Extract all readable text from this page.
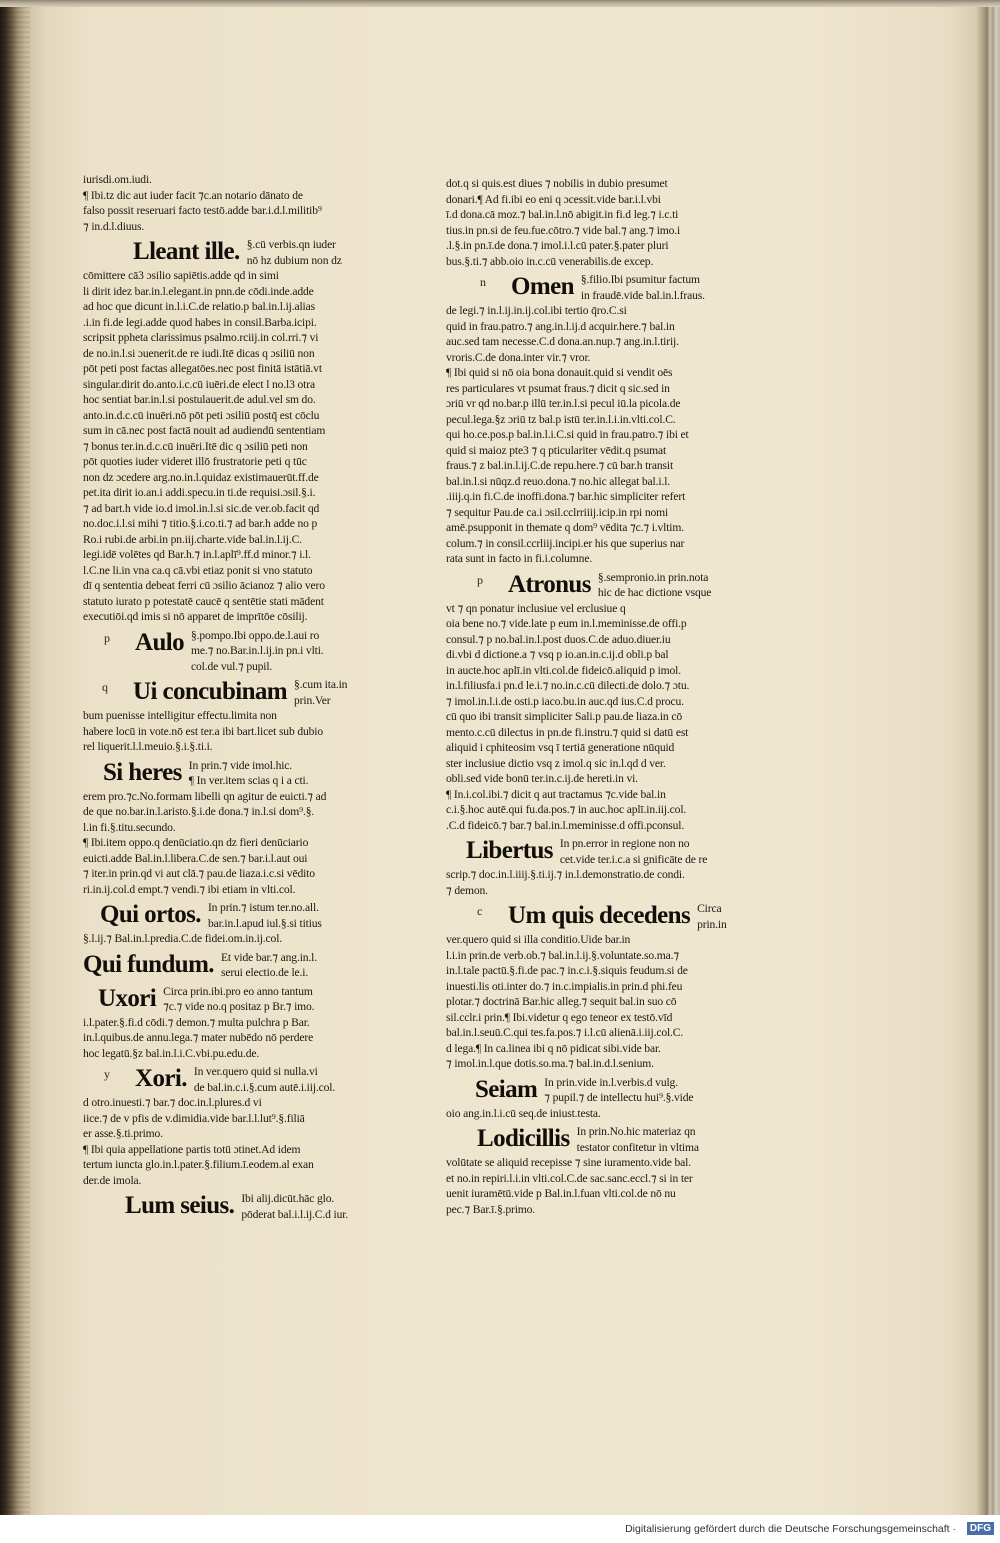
iurisdi.om.iudi.
¶ Ibi.tz dic aut iuder facit ⁊c.an notario dānato de
falso possit reseruari facto testō.adde bar.i.d.l.militib⁹
⁊ in.d.l.diuus.
Lleant ille. §.cū verbis.qn iuder
nō hz dubium non dz
cōmittere cā3 ɔsilio sapiētis.adde qd in simi
li dirit idez bar.in.l.elegant.in pnn.de cōdi.inde.adde
ad hoc que dicunt in.l.i.C.de relatio.p bal.in.l.ij.alias
.i.in fi.de legi.adde quod habes in consil.Barba.icipi.
scripsit pphetа clarissimus psalmo.rciij.in col.rri.⁊ vi
de no.in.l.si ɔuenerit.de re iudi.Itē dicas q ɔsiliū non
pōt peti post factas allegatōes.nec post finitā istātiā.vt
singular.dirit do.anto.i.c.cū iuēri.de elect l no.l3 otra
hoc sentiat bar.in.l.si postulauerit.de adul.vel sm do.
anto.in.d.c.cū inuēri.nō pōt peti ɔsiliū postq̄ est cōclu
sum in cā.nec post factā nouit ad audiendū sententiam
⁊ bonus ter.in.d.c.cū inuēri.Itē dic q ɔsiliū peti non
pōt quoties iuder videret illō frustratorie peti q tūc
non dz ɔcedere arg.no.in.l.quidaz existimauerūt.ff.de
pet.ita dirit io.an.i addi.specu.in ti.de requisi.ɔsil.§.i.
⁊ ad bart.h vide io.d imol.in.l.si sic.de ver.ob.facit qd
no.doc.i.l.si mihi ⁊ titio.§.i.co.ti.⁊ ad bar.h adde no p
Ro.i rubi.de arbi.in pn.iij.charte.vide bal.in.l.ij.C.
legi.idē volētes qd Bar.h.⁊ in.l.aplī⁹.ff.d minor.⁊ i.l.
l.C.ne li.in vna ca.q cā.vbi etiaz ponit si vno statuto
dī q sententia debeat ferri cū ɔsilio ācianoz ⁊ alio vero
statuto iurato p potestatē caucē q sentētie stati mādent
executiōi.qd imis si nō apparet de imprītōe cōsilij.
p Aulo §.pompo.Ibi oppo.de.l.aui ro
me.⁊ no.Bar.in.l.ij.in pn.i vlti.
col.de vul.⁊ pupil.
q Ui concubinam §.cum ita.in
prin.Ver
bum puenisse intelligitur effectu.limita non
habere locū in vote.nō est ter.a ibi bart.licet sub dubio
rel liquerit.l.l.meuio.§.i.§.ti.i.
Si heres In prin.⁊ vide imol.hic.
¶ In ver.item scias q i a cti.
erem pro.⁊c.No.formam libelli qn agitur de euicti.⁊ ad
de que no.bar.in.l.aristo.§.i.de dona.⁊ in.l.si dom⁹.§.
l.in fi.§.titu.secundo.
¶ Ibi.item oppo.q denūciatio.qn dz fieri denūciario
euicti.adde Bal.in.l.libera.C.de sen.⁊ bar.i.l.aut oui
⁊ iter.in prin.qd vi aut clā.⁊ pau.de liaza.i.c.si vēdito
ri.in.ij.col.d empt.⁊ vendi.⁊ ibi etiam in vlti.col.
Qui ortos. In prin.⁊ istum ter.no.all.
bar.in.l.apud iul.§.si titius
§.l.ij.⁊ Bal.in.l.predia.C.de fidei.om.in.ij.col.
Qui fundum. Et vide bar.⁊ ang.in.l.
serui electio.de le.i.
Uxori Circa prin.ibi.pro eo anno tantum
⁊c.⁊ vide no.q positaz p Br.⁊ imo.
i.l.pater.§.fi.d cōdi.⁊ demon.⁊ multa pulchra p Bar.
in.l.quibus.de annu.lega.⁊ mater nubēdo nō perdere
hoc legatū.§z bal.in.l.i.C.vbi.pu.edu.de.
y Xori. In ver.quero quid si nulla.vi
de bal.in.c.i.§.cum autē.i.iij.col.
d otro.inuesti.⁊ bar.⁊ doc.in.l.plures.d vi
iice.⁊ de v pfis de v.dimidia.vide bar.l.l.lut⁹.§.filiā
er asse.§.ti.primo.
¶ Ibi quia appellatione partis totū ɔtinet.Ad idem
tertum iuncta glo.in.l.pater.§.filium.ī.eodem.al exan
der.de imola.
Lum seius. Ibi alij.dicūt.hāc glo.
pōderat bal.i.l.ij.C.d iur.
dot.q si quis.est diues ⁊ nobilis in dubio presumet
donari.¶ Ad fi.ibi eo eni q ɔcessit.vide bar.i.l.vbi
ī.d dona.cā moz.⁊ bal.in.l.nō abigit.in fi.d leg.⁊ i.c.ti
tius.in pn.si de feu.fue.cōtro.⁊ vide bal.⁊ ang.⁊ imo.i
.l.§.in pn.ī.de dona.⁊ imol.i.l.cū pater.§.pater pluri
bus.§.ti.⁊ abb.oio in.c.cū venerabilis.de excep.
n Omen §.filio.Ibi psumitur factum
in fraudē.vide bal.in.l.fraus.
de legi.⁊ in.l.ij.in.ij.col.ibi tertio q̄ro.C.si
quid in frau.patro.⁊ ang.in.l.ij.d acquir.here.⁊ bal.in
auc.sed tam necesse.C.d dona.an.nup.⁊ ang.in.l.tirij.
vroris.C.de dona.inter vir.⁊ vror.
¶ Ibi quid si nō oia bona donauit.quid si vendit oēs
res particulares vt psumat fraus.⁊ dicit q sic.sed in
ɔriū vr qd no.bar.p illū ter.in.l.si pecul iū.la picola.de
pecul.lega.§z ɔriū tz bal.p istū ter.in.l.i.in.vlti.col.C.
qui ho.ce.pos.p bal.in.l.i.C.si quid in frau.patro.⁊ ibi et
quid si maioz pte3 ⁊ q pticulariter vēdit.q psumat
fraus.⁊ z bal.in.l.ij.C.de repu.here.⁊ cū bar.h transit
bal.in.l.si nūqz.d reuo.dona.⁊ no.hic allegat bal.i.l.
.iiij.q.in fi.C.de inoffi.dona.⁊ bar.hic simpliciter refert
⁊ sequitur Pau.de ca.i ɔsil.cclrriiij.icip.in rpi nomi
amē.psupponit in themate q dom⁹ vēdita ⁊c.⁊ i.vltim.
colum.⁊ in consil.ccrliij.incipi.er his que superius nar
rata sunt in facto in fi.i.columne.
p Atronus §.sempronio.in prin.nota
hic de hac dictione vsque
vt ⁊ qn ponatur inclusiue vel erclusiue q
oia bene no.⁊ vide.late p eum in.l.meminisse.de offi.p
consul.⁊ p no.bal.in.l.post duos.C.de aduo.diuer.iu
di.vbi d dictione.a ⁊ vsq p io.an.in.c.ij.d obli.p bal
in aucte.hoc aplī.in vlti.col.de fideicō.aliquid p imol.
in.l.filiusfa.i pn.d le.i.⁊ no.in.c.cū dilecti.de dolo.⁊ ɔtu.
⁊ imol.in.l.i.de osti.p iaco.bu.in auc.qd ius.C.d procu.
cū quo ibi transit simpliciter Sali.p pau.de liaza.in cō
mento.c.cū dilectus in pn.de fi.instru.⁊ quid si datū est
aliquid i cphiteosim vsq ī tertiā generatione nūquid
ster inclusiue dictio vsq z imol.q sic in.l.qd d ver.
obli.sed vide bonū ter.in.c.ij.de hereti.in vi.
¶ In.i.col.ibi.⁊ dicit q aut tractamus ⁊c.vide bal.in
c.i.§.hoc autē.qui fu.da.pos.⁊ in auc.hoc aplī.in.iij.col.
.C.d fideicō.⁊ bar.⁊ bal.in.l.meminisse.d offi.pconsul.
Libertus In pn.error in regione non no
cet.vide ter.i.c.a si gnificāte de re
scrip.⁊ doc.in.l.iiij.§.ti.ij.⁊ in.l.demonstratio.de condi.
⁊ demon.
c Um quis decedens Circa
prin.in
ver.quero quid si illa conditio.Uide bar.in
l.i.in prin.de verb.ob.⁊ bal.in.l.ij.§.voluntate.so.ma.⁊
in.l.tale pactū.§.fi.de pac.⁊ in.c.i.§.siquis feudum.si de
inuesti.lis oti.inter do.⁊ in.c.impialis.in prin.d phi.feu
plotar.⁊ doctrinā Bar.hic alleg.⁊ sequit bal.in suo cō
sil.cclr.i prin.¶ Ibi.videtur q ego teneor ex testō.vīd
bal.in.l.seuū.C.qui tes.fa.pos.⁊ i.l.cū alienā.i.iij.col.C.
d lega.¶ In ca.linea ibi q nō pidicat sibi.vide bar.
⁊ imol.in.l.que dotis.so.ma.⁊ bal.in.d.l.senium.
Seiam In prin.vide in.l.verbis.d vulg.
⁊ pupil.⁊ de intellectu hui⁹.§.vide
oio ang.in.l.i.cū seq.de iniust.testa.
Lodicillis In prin.No.hic materiaz qn
testator confitetur in vltima
volūtate se aliquid recepisse ⁊ sine iuramento.vide bal.
et no.in repiri.l.i.in vlti.col.C.de sac.sanc.eccl.⁊ si in ter
uenit iuramētū.vide p Bal.in.l.fuan vlti.col.de nō nu
pec.⁊ Bar.ī.§.primo.
Digitalisierung gefördert durch die Deutsche Forschungsgemeinschaft ·	DFG
